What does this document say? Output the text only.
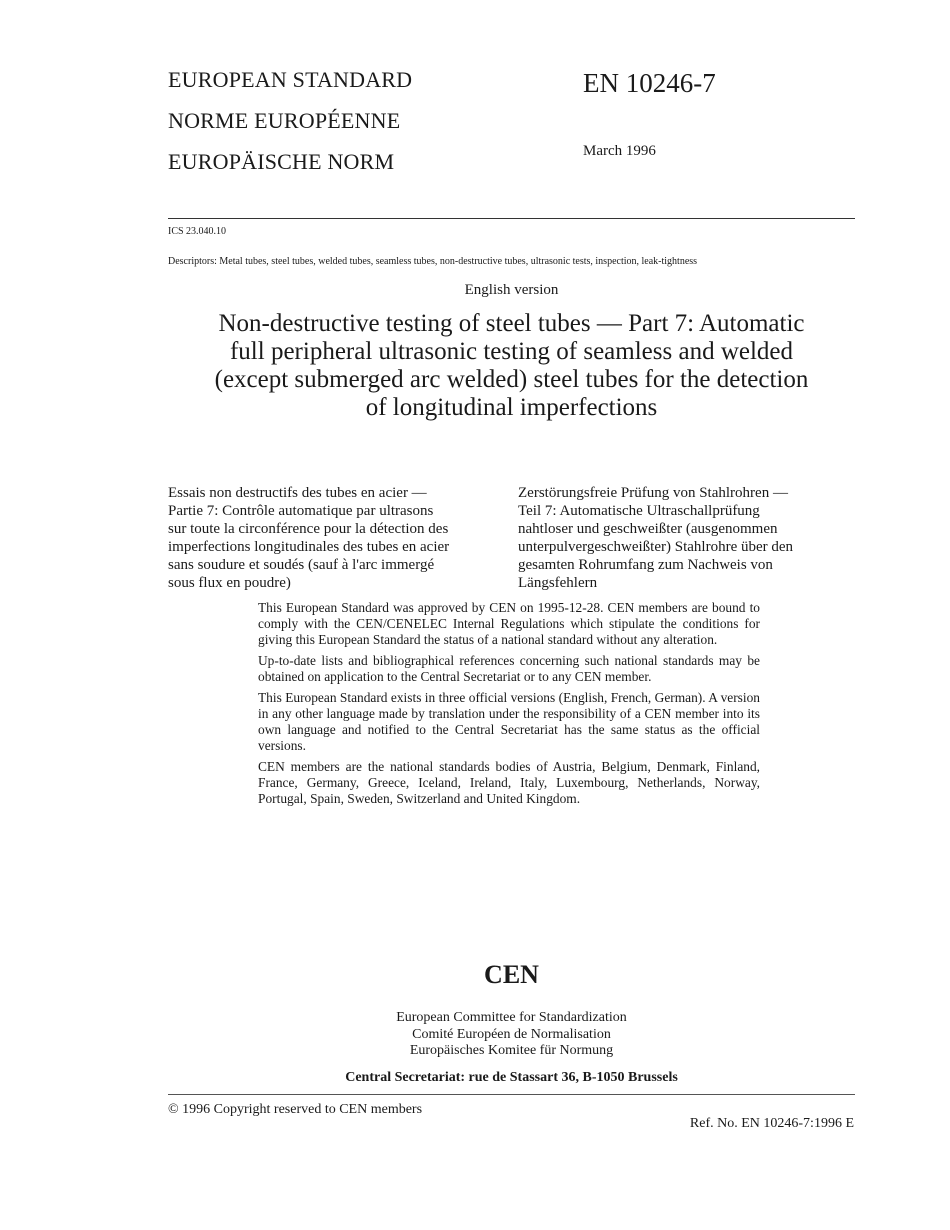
EUROPEAN STANDARD
NORME EUROPÉENNE
EUROPÄISCHE NORM
EN 10246-7
March 1996
ICS 23.040.10
Descriptors: Metal tubes, steel tubes, welded tubes, seamless tubes, non-destructive tubes, ultrasonic tests, inspection, leak-tightness
English version
Non-destructive testing of steel tubes — Part 7: Automatic
full peripheral ultrasonic testing of seamless and welded
(except submerged arc welded) steel tubes for the detection
of longitudinal imperfections
Essais non destructifs des tubes en acier —
Partie 7: Contrôle automatique par ultrasons
sur toute la circonférence pour la détection des
imperfections longitudinales des tubes en acier
sans soudure et soudés (sauf à l'arc immergé
sous flux en poudre)
Zerstörungsfreie Prüfung von Stahlrohren —
Teil 7: Automatische Ultraschallprüfung
nahtloser und geschweißter (ausgenommen
unterpulvergeschweißter) Stahlrohre über den
gesamten Rohrumfang zum Nachweis von
Längsfehlern

This European Standard was approved by CEN on 1995-12-28. CEN members are bound to comply with the CEN/CENELEC Internal Regulations which stipulate the conditions for giving this European Standard the status of a national standard without any alteration.

Up-to-date lists and bibliographical references concerning such national standards may be obtained on application to the Central Secretariat or to any CEN member.

This European Standard exists in three official versions (English, French, German). A version in any other language made by translation under the responsibility of a CEN member into its own language and notified to the Central Secretariat has the same status as the official versions.

CEN members are the national standards bodies of Austria, Belgium, Denmark, Finland, France, Germany, Greece, Iceland, Ireland, Italy, Luxembourg, Netherlands, Norway, Portugal, Spain, Sweden, Switzerland and United Kingdom.

CEN
European Committee for Standardization
Comité Européen de Normalisation
Europäisches Komitee für Normung
Central Secretariat: rue de Stassart 36, B-1050 Brussels
© 1996 Copyright reserved to CEN members
Ref. No. EN 10246-7:1996 E
